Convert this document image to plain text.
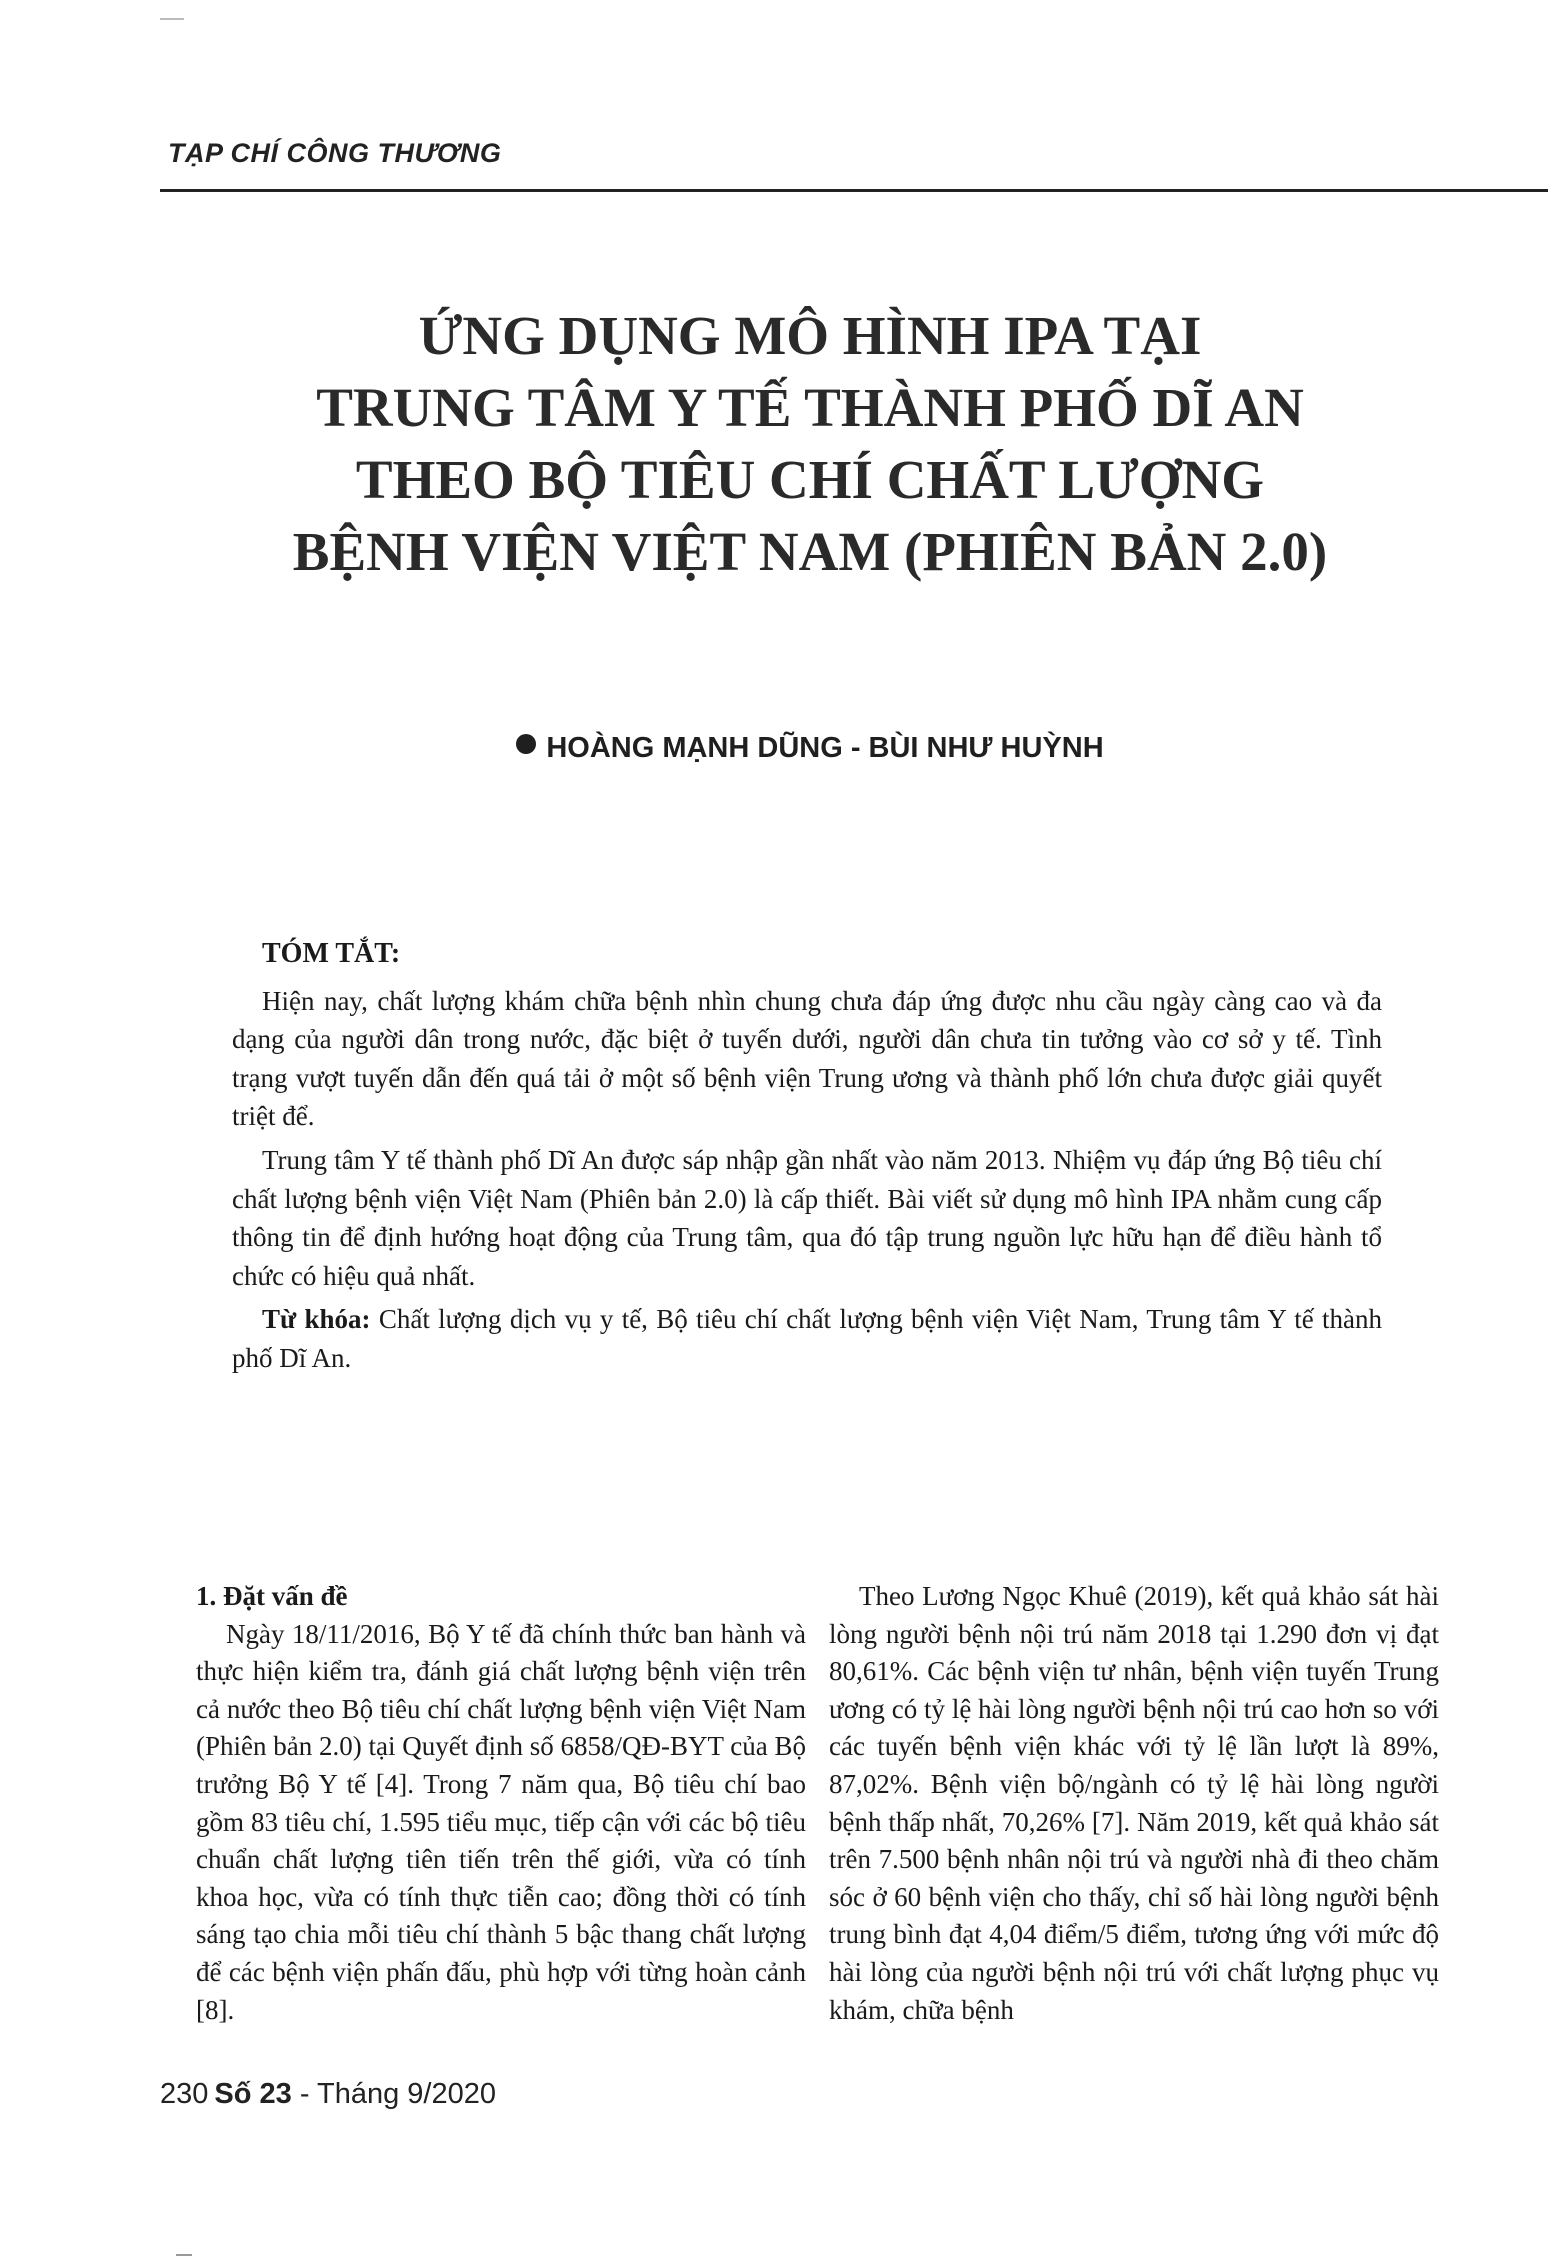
TẠP CHÍ CÔNG THƯƠNG
ỨNG DỤNG MÔ HÌNH IPA TẠI
TRUNG TÂM Y TẾ THÀNH PHỐ DĨ AN
THEO BỘ TIÊU CHÍ CHẤT LƯỢNG
BỆNH VIỆN VIỆT NAM (PHIÊN BẢN 2.0)
HOÀNG MẠNH DŨNG - BÙI NHƯ HUỲNH
TÓM TẮT:

Hiện nay, chất lượng khám chữa bệnh nhìn chung chưa đáp ứng được nhu cầu ngày càng cao và đa dạng của người dân trong nước, đặc biệt ở tuyến dưới, người dân chưa tin tưởng vào cơ sở y tế. Tình trạng vượt tuyến dẫn đến quá tải ở một số bệnh viện Trung ương và thành phố lớn chưa được giải quyết triệt để.

Trung tâm Y tế thành phố Dĩ An được sáp nhập gần nhất vào năm 2013. Nhiệm vụ đáp ứng Bộ tiêu chí chất lượng bệnh viện Việt Nam (Phiên bản 2.0) là cấp thiết. Bài viết sử dụng mô hình IPA nhằm cung cấp thông tin để định hướng hoạt động của Trung tâm, qua đó tập trung nguồn lực hữu hạn để điều hành tổ chức có hiệu quả nhất.

Từ khóa: Chất lượng dịch vụ y tế, Bộ tiêu chí chất lượng bệnh viện Việt Nam, Trung tâm Y tế thành phố Dĩ An.

1. Đặt vấn đề

Ngày 18/11/2016, Bộ Y tế đã chính thức ban hành và thực hiện kiểm tra, đánh giá chất lượng bệnh viện trên cả nước theo Bộ tiêu chí chất lượng bệnh viện Việt Nam (Phiên bản 2.0) tại Quyết định số 6858/QĐ-BYT của Bộ trưởng Bộ Y tế [4]. Trong 7 năm qua, Bộ tiêu chí bao gồm 83 tiêu chí, 1.595 tiểu mục, tiếp cận với các bộ tiêu chuẩn chất lượng tiên tiến trên thế giới, vừa có tính khoa học, vừa có tính thực tiễn cao; đồng thời có tính sáng tạo chia mỗi tiêu chí thành 5 bậc thang chất lượng để các bệnh viện phấn đấu, phù hợp với từng hoàn cảnh [8].

Theo Lương Ngọc Khuê (2019), kết quả khảo sát hài lòng người bệnh nội trú năm 2018 tại 1.290 đơn vị đạt 80,61%. Các bệnh viện tư nhân, bệnh viện tuyến Trung ương có tỷ lệ hài lòng người bệnh nội trú cao hơn so với các tuyến bệnh viện khác với tỷ lệ lần lượt là 89%, 87,02%. Bệnh viện bộ/ngành có tỷ lệ hài lòng người bệnh thấp nhất, 70,26% [7]. Năm 2019, kết quả khảo sát trên 7.500 bệnh nhân nội trú và người nhà đi theo chăm sóc ở 60 bệnh viện cho thấy, chỉ số hài lòng người bệnh trung bình đạt 4,04 điểm/5 điểm, tương ứng với mức độ hài lòng của người bệnh nội trú với chất lượng phục vụ khám, chữa bệnh

230 Số 23 - Tháng 9/2020
